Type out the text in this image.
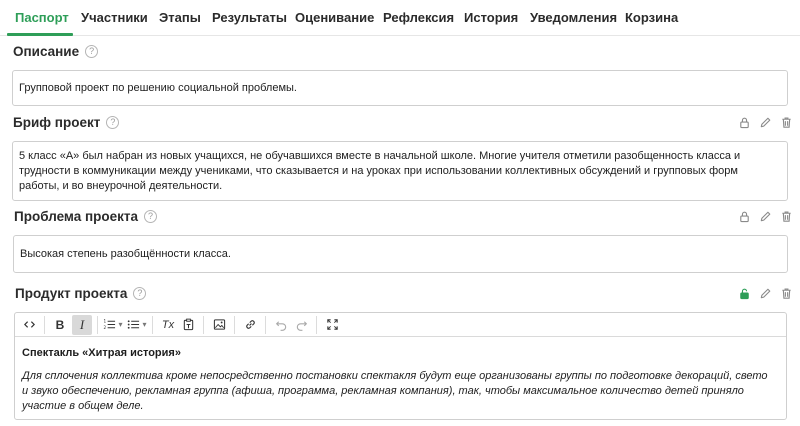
Паспорт Участники Этапы Результаты Оценивание Рефлексия История Уведомления Корзина
Описание	?
Групповой проект по решению социальной проблемы.
Бриф проект	?
5 класс «А» был набран из новых учащихся, не обучавшихся вместе в начальной школе. Многие учителя отметили разобщенность класса и трудности в коммуникации между учениками, что сказывается и на уроках при использовании коллективных обсуждений и групповых форм работы, и во внеурочной деятельности.
Проблема проекта	?
Высокая степень разобщённости класса.
Продукт проекта	?
B	I	1
2 ▾ ▾	Tx
Спектакль «Хитрая история»
Для сплочения коллектива кроме непосредственно постановки спектакля будут еще организованы группы по подготовке декораций, свето и звуко обеспечению, рекламная группа (афиша, программа, рекламная компания), так, чтобы максимальное количество детей приняло участие в общем деле.
